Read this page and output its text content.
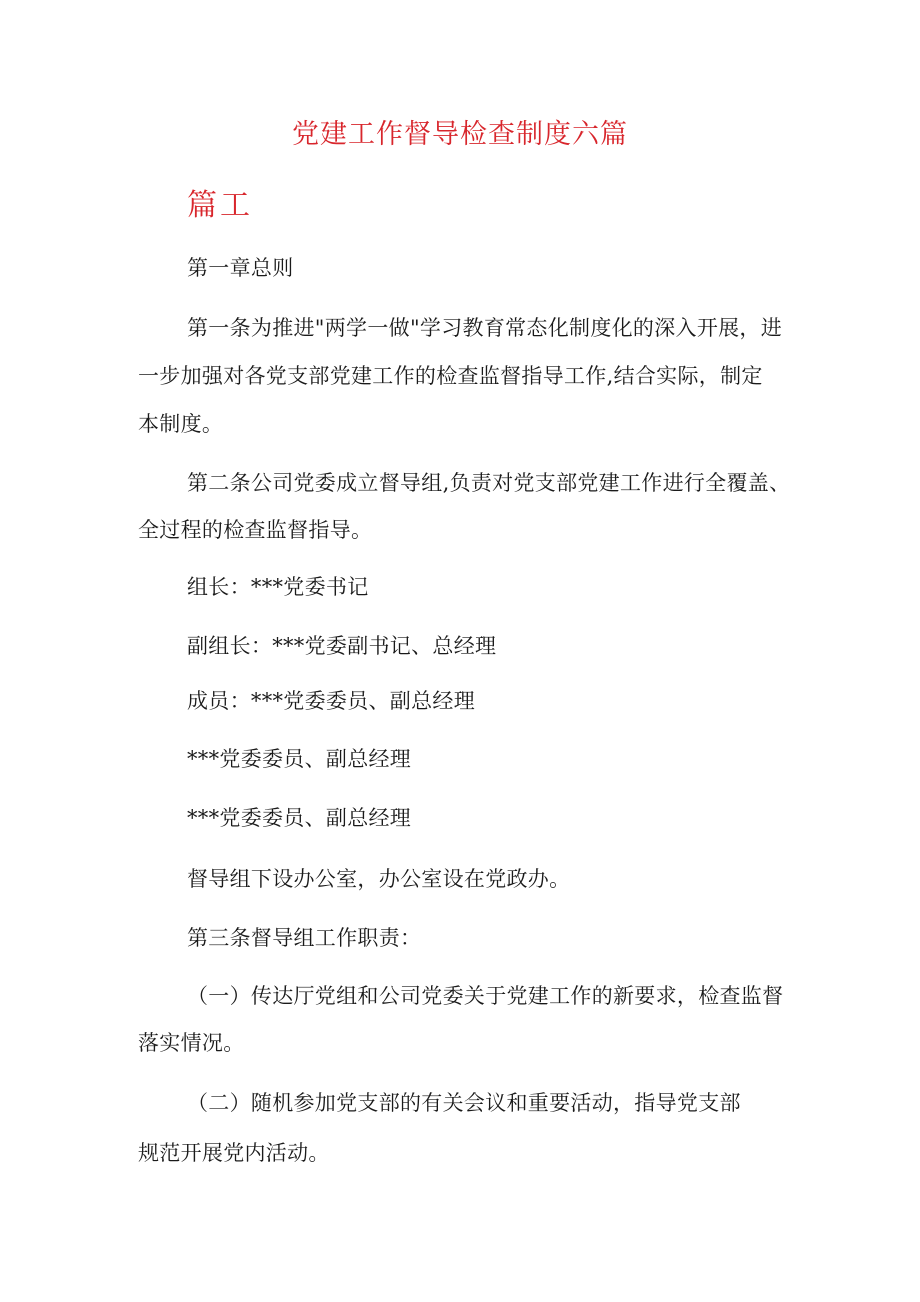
党建工作督导检查制度六篇
篇工
第一章总则
第一条为推进"两学一做"学习教育常态化制度化的深入开展，进
一步加强对各党支部党建工作的检查监督指导工作,结合实际，制定
本制度。
第二条公司党委成立督导组,负责对党支部党建工作进行全覆盖、
全过程的检查监督指导。
组长：***党委书记
副组长：***党委副书记、总经理
成员：***党委委员、副总经理
***党委委员、副总经理
***党委委员、副总经理
督导组下设办公室，办公室设在党政办。
第三条督导组工作职责：
（一）传达厅党组和公司党委关于党建工作的新要求，检查监督
落实情况。
（二）随机参加党支部的有关会议和重要活动，指导党支部
规范开展党内活动。
